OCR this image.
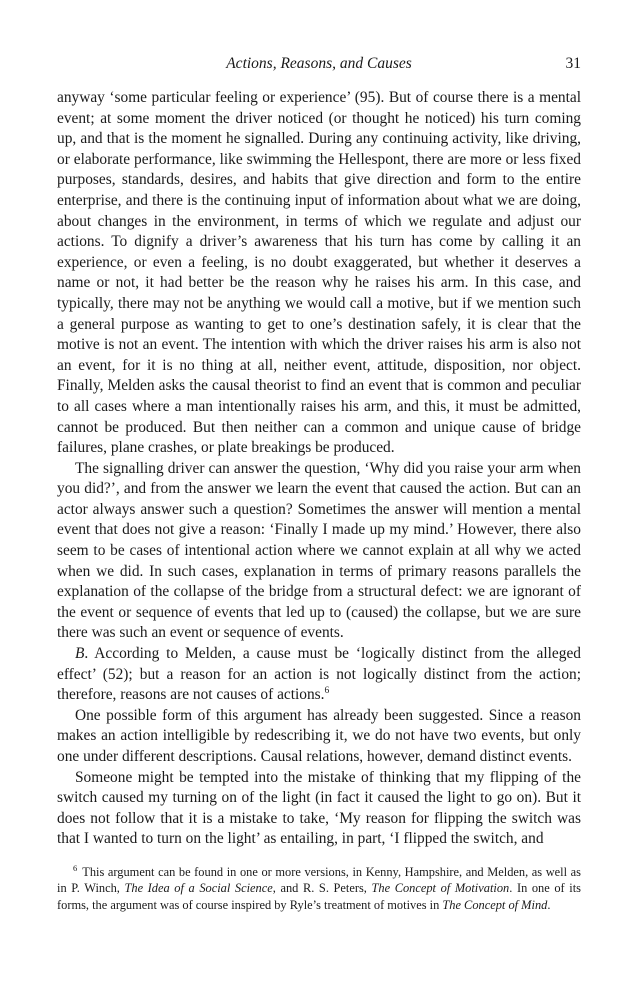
Actions, Reasons, and Causes	31

anyway ‘some particular feeling or experience’ (95). But of course there is a mental event; at some moment the driver noticed (or thought he noticed) his turn coming up, and that is the moment he signalled. During any continuing activity, like driving, or elaborate performance, like swimming the Hellespont, there are more or less fixed purposes, standards, desires, and habits that give direction and form to the entire enterprise, and there is the continuing input of information about what we are doing, about changes in the environment, in terms of which we regulate and adjust our actions. To dignify a driver’s awareness that his turn has come by calling it an experience, or even a feeling, is no doubt exaggerated, but whether it deserves a name or not, it had better be the reason why he raises his arm. In this case, and typically, there may not be anything we would call a motive, but if we mention such a general purpose as wanting to get to one’s destination safely, it is clear that the motive is not an event. The intention with which the driver raises his arm is also not an event, for it is no thing at all, neither event, attitude, disposition, nor object. Finally, Melden asks the causal theorist to find an event that is common and peculiar to all cases where a man intentionally raises his arm, and this, it must be admitted, cannot be produced. But then neither can a common and unique cause of bridge failures, plane crashes, or plate breakings be produced.

The signalling driver can answer the question, ‘Why did you raise your arm when you did?’, and from the answer we learn the event that caused the action. But can an actor always answer such a question? Sometimes the answer will mention a mental event that does not give a reason: ‘Finally I made up my mind.’ However, there also seem to be cases of intentional action where we cannot explain at all why we acted when we did. In such cases, explanation in terms of primary reasons parallels the explanation of the collapse of the bridge from a structural defect: we are ignorant of the event or sequence of events that led up to (caused) the collapse, but we are sure there was such an event or sequence of events.

B. According to Melden, a cause must be ‘logically distinct from the alleged effect’ (52); but a reason for an action is not logically distinct from the action; therefore, reasons are not causes of actions.$^6$

One possible form of this argument has already been suggested. Since a reason makes an action intelligible by redescribing it, we do not have two events, but only one under different descriptions. Causal relations, however, demand distinct events.

Someone might be tempted into the mistake of thinking that my flipping of the switch caused my turning on of the light (in fact it caused the light to go on). But it does not follow that it is a mistake to take, ‘My reason for flipping the switch was that I wanted to turn on the light’ as entailing, in part, ‘I flipped the switch, and

$^6$ This argument can be found in one or more versions, in Kenny, Hampshire, and Melden, as well as in P. Winch, The Idea of a Social Science, and R. S. Peters, The Concept of Motivation. In one of its forms, the argument was of course inspired by Ryle’s treatment of motives in The Concept of Mind.
